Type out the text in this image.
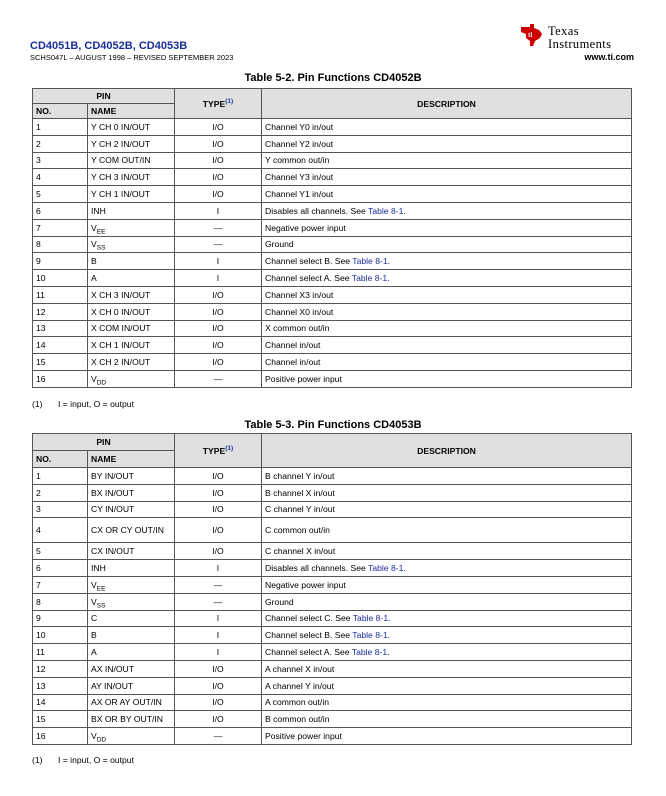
CD4051B, CD4052B, CD4053B
SCHS047L – AUGUST 1998 – REVISED SEPTEMBER 2023
ti Texas
Instruments
www.ti.com
Table 5-2. Pin Functions CD4052B
PIN		TYPE$^{(1)}$	DESCRIPTION
NO.	NAME		
1	Y CH 0 IN/OUT	I/O	Channel Y0 in/out
2	Y CH 2 IN/OUT	I/O	Channel Y2 in/out
3	Y COM OUT/IN	I/O	Y common out/in
4	Y CH 3 IN/OUT	I/O	Channel Y3 in/out
5	Y CH 1 IN/OUT	I/O	Channel Y1 in/out
6	INH	I	Disables all channels. See Table 8-1.
7	$V_{EE}$	—	Negative power input
8	$V_{SS}$	—	Ground
9	B	I	Channel select B. See Table 8-1.
10	A	I	Channel select A. See Table 8-1.
11	X CH 3 IN/OUT	I/O	Channel X3 in/out
12	X CH 0 IN/OUT	I/O	Channel X0 in/out
13	X COM IN/OUT	I/O	X common out/in
14	X CH 1 IN/OUT	I/O	Channel in/out
15	X CH 2 IN/OUT	I/O	Channel in/out
16	$V_{DD}$	—	Positive power input
(1) I = input, O = output
Table 5-3. Pin Functions CD4053B
PIN		TYPE$^{(1)}$	DESCRIPTION
NO.	NAME		
1	BY IN/OUT	I/O	B channel Y in/out
2	BX IN/OUT	I/O	B channel X in/out
3	CY IN/OUT	I/O	C channel Y in/out
4	CX OR CY OUT/IN	I/O	C common out/in
5	CX IN/OUT	I/O	C channel X in/out
6	INH	I	Disables all channels. See Table 8-1.
7	$V_{EE}$	—	Negative power input
8	$V_{SS}$	—	Ground
9	C	I	Channel select C. See Table 8-1.
10	B	I	Channel select B. See Table 8-1.
11	A	I	Channel select A. See Table 8-1.
12	AX IN/OUT	I/O	A channel X in/out
13	AY IN/OUT	I/O	A channel Y in/out
14	AX OR AY OUT/IN	I/O	A common out/in
15	BX OR BY OUT/IN	I/O	B common out/in
16	$V_{DD}$	—	Positive power input
(1) I = input, O = output
